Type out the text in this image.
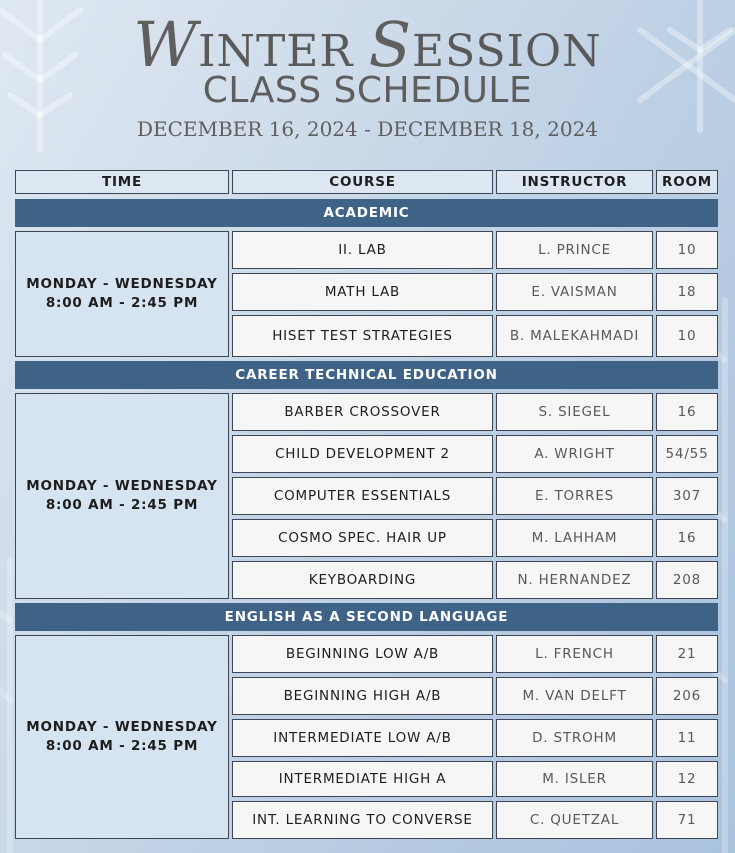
WINTER SESSION
CLASS SCHEDULE
DECEMBER 16, 2024 - DECEMBER 18, 2024
TIME	COURSE	INSTRUCTOR	ROOM
ACADEMIC
MONDAY - WEDNESDAY
8:00 AM - 2:45 PM
II. LAB	L. PRINCE	10
MATH LAB	E. VAISMAN	18
HISET TEST STRATEGIES	B. MALEKAHMADI	10
CAREER TECHNICAL EDUCATION
MONDAY - WEDNESDAY
8:00 AM - 2:45 PM
BARBER CROSSOVER	S. SIEGEL	16
CHILD DEVELOPMENT 2	A. WRIGHT	54/55
COMPUTER ESSENTIALS	E. TORRES	307
COSMO SPEC. HAIR UP	M. LAHHAM	16
KEYBOARDING	N. HERNANDEZ	208
ENGLISH AS A SECOND LANGUAGE
MONDAY - WEDNESDAY
8:00 AM - 2:45 PM
BEGINNING LOW A/B	L. FRENCH	21
BEGINNING HIGH A/B	M. VAN DELFT	206
INTERMEDIATE LOW A/B	D. STROHM	11
INTERMEDIATE HIGH A	M. ISLER	12
INT. LEARNING TO CONVERSE	C. QUETZAL	71
